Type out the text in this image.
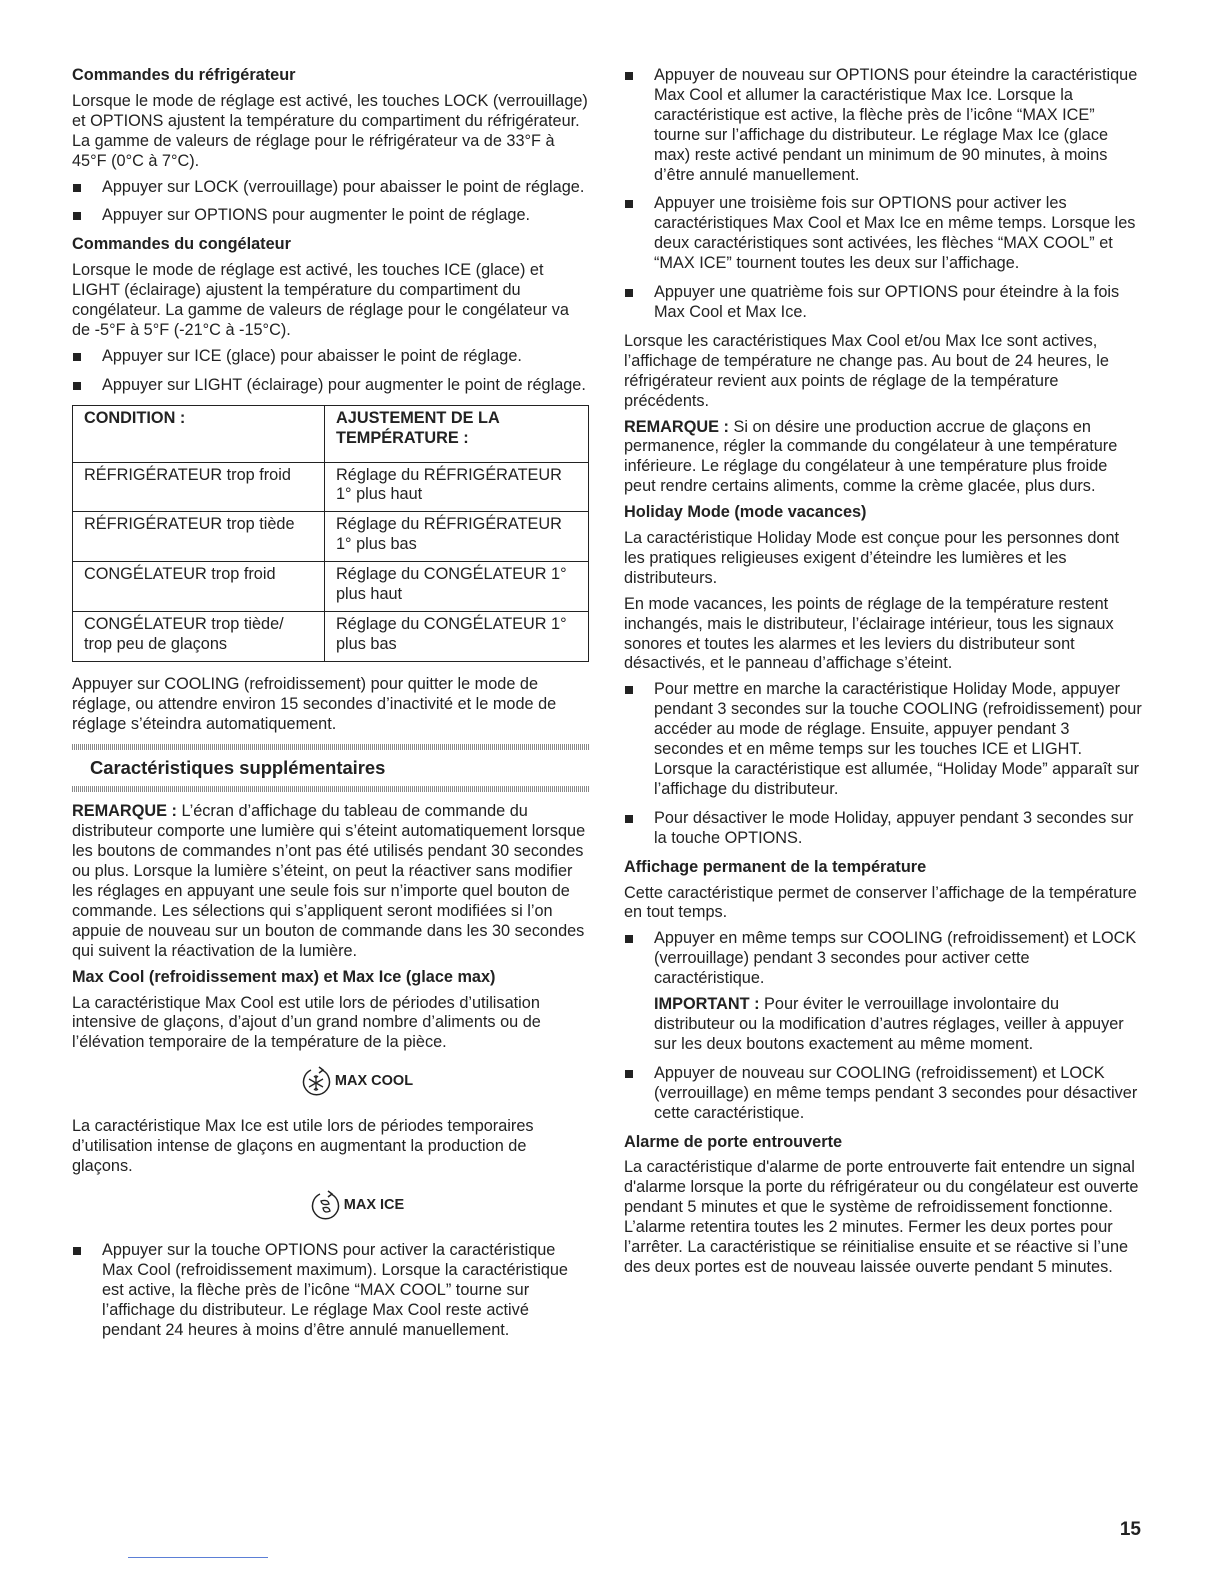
Commandes du réfrigérateur

Lorsque le mode de réglage est activé, les touches LOCK (verrouillage) et OPTIONS ajustent la température du compartiment du réfrigérateur. La gamme de valeurs de réglage pour le réfrigérateur va de 33°F à 45°F (0°C à 7°C).

Appuyer sur LOCK (verrouillage) pour abaisser le point de réglage.
Appuyer sur OPTIONS pour augmenter le point de réglage.
Commandes du congélateur

Lorsque le mode de réglage est activé, les touches ICE (glace) et LIGHT (éclairage) ajustent la température du compartiment du congélateur. La gamme de valeurs de réglage pour le congélateur va de -5°F à 5°F (-21°C à -15°C).

Appuyer sur ICE (glace) pour abaisser le point de réglage.
Appuyer sur LIGHT (éclairage) pour augmenter le point de réglage.
CONDITION :	AJUSTEMENT DE LA TEMPÉRATURE :
RÉFRIGÉRATEUR trop froid	Réglage du RÉFRIGÉRATEUR 1° plus haut
RÉFRIGÉRATEUR trop tiède	Réglage du RÉFRIGÉRATEUR 1° plus bas
CONGÉLATEUR trop froid	Réglage du CONGÉLATEUR 1° plus haut
CONGÉLATEUR trop tiède/ trop peu de glaçons	Réglage du CONGÉLATEUR 1° plus bas

Appuyer sur COOLING (refroidissement) pour quitter le mode de réglage, ou attendre environ 15 secondes d’inactivité et le mode de réglage s’éteindra automatiquement.

Caractéristiques supplémentaires

REMARQUE : L’écran d’affichage du tableau de commande du distributeur comporte une lumière qui s’éteint automatiquement lorsque les boutons de commandes n’ont pas été utilisés pendant 30 secondes ou plus. Lorsque la lumière s’éteint, on peut la réactiver sans modifier les réglages en appuyant une seule fois sur n’importe quel bouton de commande. Les sélections qui s’appliquent seront modifiées si l’on appuie de nouveau sur un bouton de commande dans les 30 secondes qui suivent la réactivation de la lumière.

Max Cool (refroidissement max) et Max Ice (glace max)

La caractéristique Max Cool est utile lors de périodes d’utilisation intensive de glaçons, d’ajout d’un grand nombre d’aliments ou de l’élévation temporaire de la température de la pièce.

MAX COOL

La caractéristique Max Ice est utile lors de périodes temporaires d’utilisation intense de glaçons en augmentant la production de glaçons.

MAX ICE
Appuyer sur la touche OPTIONS pour activer la caractéristique Max Cool (refroidissement maximum). Lorsque la caractéristique est active, la flèche près de l’icône “MAX COOL” tourne sur l’affichage du distributeur. Le réglage Max Cool reste activé pendant 24 heures à moins d’être annulé manuellement.
Appuyer de nouveau sur OPTIONS pour éteindre la caractéristique Max Cool et allumer la caractéristique Max Ice. Lorsque la caractéristique est active, la flèche près de l’icône “MAX ICE” tourne sur l’affichage du distributeur. Le réglage Max Ice (glace max) reste activé pendant un minimum de 90 minutes, à moins d’être annulé manuellement.
Appuyer une troisième fois sur OPTIONS pour activer les caractéristiques Max Cool et Max Ice en même temps. Lorsque les deux caractéristiques sont activées, les flèches “MAX COOL” et “MAX ICE” tournent toutes les deux sur l’affichage.
Appuyer une quatrième fois sur OPTIONS pour éteindre à la fois Max Cool et Max Ice.

Lorsque les caractéristiques Max Cool et/ou Max Ice sont actives, l’affichage de température ne change pas. Au bout de 24 heures, le réfrigérateur revient aux points de réglage de la température précédents.

REMARQUE : Si on désire une production accrue de glaçons en permanence, régler la commande du congélateur à une température inférieure. Le réglage du congélateur à une température plus froide peut rendre certains aliments, comme la crème glacée, plus durs.

Holiday Mode (mode vacances)

La caractéristique Holiday Mode est conçue pour les personnes dont les pratiques religieuses exigent d’éteindre les lumières et les distributeurs.

En mode vacances, les points de réglage de la température restent inchangés, mais le distributeur, l’éclairage intérieur, tous les signaux sonores et toutes les alarmes et les leviers du distributeur sont désactivés, et le panneau d’affichage s’éteint.

Pour mettre en marche la caractéristique Holiday Mode, appuyer pendant 3 secondes sur la touche COOLING (refroidissement) pour accéder au mode de réglage. Ensuite, appuyer pendant 3 secondes et en même temps sur les touches ICE et LIGHT. Lorsque la caractéristique est allumée, “Holiday Mode” apparaît sur l’affichage du distributeur.
Pour désactiver le mode Holiday, appuyer pendant 3 secondes sur la touche OPTIONS.
Affichage permanent de la température

Cette caractéristique permet de conserver l’affichage de la température en tout temps.

Appuyer en même temps sur COOLING (refroidissement) et LOCK (verrouillage) pendant 3 secondes pour activer cette caractéristique.
IMPORTANT : Pour éviter le verrouillage involontaire du distributeur ou la modification d’autres réglages, veiller à appuyer sur les deux boutons exactement au même moment.
Appuyer de nouveau sur COOLING (refroidissement) et LOCK (verrouillage) en même temps pendant 3 secondes pour désactiver cette caractéristique.
Alarme de porte entrouverte

La caractéristique d'alarme de porte entrouverte fait entendre un signal d'alarme lorsque la porte du réfrigérateur ou du congélateur est ouverte pendant 5 minutes et que le système de refroidissement fonctionne. L’alarme retentira toutes les 2 minutes. Fermer les deux portes pour l’arrêter. La caractéristique se réinitialise ensuite et se réactive si l’une des deux portes est de nouveau laissée ouverte pendant 5 minutes.

15
